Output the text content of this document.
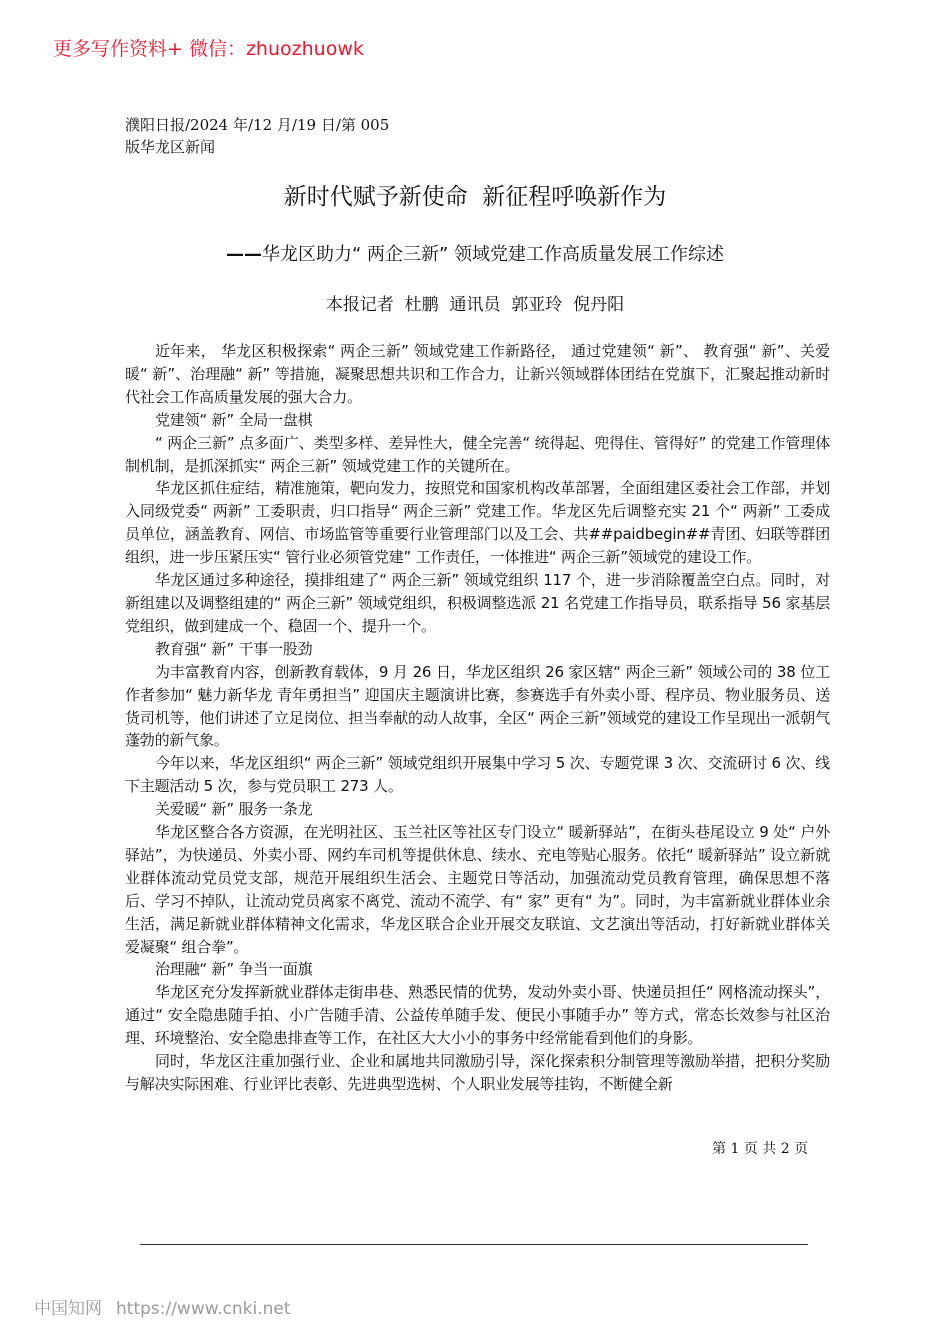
更多写作资料+ 微信：zhuozhuowk
濮阳日报/2024 年/12 月/19 日/第 005 版华龙区新闻
新时代赋予新使命  新征程呼唤新作为
——华龙区助力“ 两企三新” 领域党建工作高质量发展工作综述
本报记者  杜鹏  通讯员  郭亚玲  倪丹阳

近年来， 华龙区积极探索“ 两企三新” 领域党建工作新路径， 通过党建领“ 新”、 教育强“ 新”、关爱暖“ 新”、治理融“ 新” 等措施，凝聚思想共识和工作合力，让新兴领域群体团结在党旗下，汇聚起推动新时代社会工作高质量发展的强大合力。

党建领“ 新” 全局一盘棋

“ 两企三新” 点多面广、类型多样、差异性大，健全完善“ 统得起、兜得住、管得好” 的党建工作管理体制机制，是抓深抓实“ 两企三新” 领域党建工作的关键所在。

华龙区抓住症结，精准施策，靶向发力，按照党和国家机构改革部署，全面组建区委社会工作部，并划入同级党委“ 两新” 工委职责，归口指导“ 两企三新” 党建工作。华龙区先后调整充实 21 个“ 两新” 工委成员单位，涵盖教育、网信、市场监管等重要行业管理部门以及工会、共##paidbegin##青团、妇联等群团组织，进一步压紧压实“ 管行业必须管党建” 工作责任，一体推进“ 两企三新”领域党的建设工作。

华龙区通过多种途径，摸排组建了“ 两企三新” 领域党组织 117 个，进一步消除覆盖空白点。同时，对新组建以及调整组建的“ 两企三新” 领域党组织，积极调整选派 21 名党建工作指导员，联系指导 56 家基层党组织，做到建成一个、稳固一个、提升一个。

教育强“ 新” 干事一股劲

为丰富教育内容，创新教育载体，9 月 26 日，华龙区组织 26 家区辖“ 两企三新” 领域公司的 38 位工作者参加“ 魅力新华龙 青年勇担当” 迎国庆主题演讲比赛，参赛选手有外卖小哥、程序员、物业服务员、送货司机等，他们讲述了立足岗位、担当奉献的动人故事，全区“ 两企三新”领域党的建设工作呈现出一派朝气蓬勃的新气象。

今年以来，华龙区组织“ 两企三新” 领域党组织开展集中学习 5 次、专题党课 3 次、交流研讨 6 次、线下主题活动 5 次，参与党员职工 273 人。

关爱暖“ 新” 服务一条龙

华龙区整合各方资源，在光明社区、玉兰社区等社区专门设立“ 暖新驿站”，在街头巷尾设立 9 处“ 户外驿站”，为快递员、外卖小哥、网约车司机等提供休息、续水、充电等贴心服务。依托“ 暖新驿站” 设立新就业群体流动党员党支部，规范开展组织生活会、主题党日等活动，加强流动党员教育管理，确保思想不落后、学习不掉队，让流动党员离家不离党、流动不流学、有“ 家” 更有“ 为”。同时，为丰富新就业群体业余生活，满足新就业群体精神文化需求，华龙区联合企业开展交友联谊、文艺演出等活动，打好新就业群体关爱凝聚“ 组合拳”。

治理融“ 新” 争当一面旗

华龙区充分发挥新就业群体走街串巷、熟悉民情的优势，发动外卖小哥、快递员担任“ 网格流动探头”，通过“ 安全隐患随手拍、小广告随手清、公益传单随手发、便民小事随手办” 等方式，常态长效参与社区治理、环境整治、安全隐患排查等工作，在社区大大小小的事务中经常能看到他们的身影。

同时，华龙区注重加强行业、企业和属地共同激励引导，深化探索积分制管理等激励举措，把积分奖励与解决实际困难、行业评比表彰、先进典型选树、个人职业发展等挂钩，不断健全新

第 1 页 共 2 页
中国知网 https://www.cnki.net
